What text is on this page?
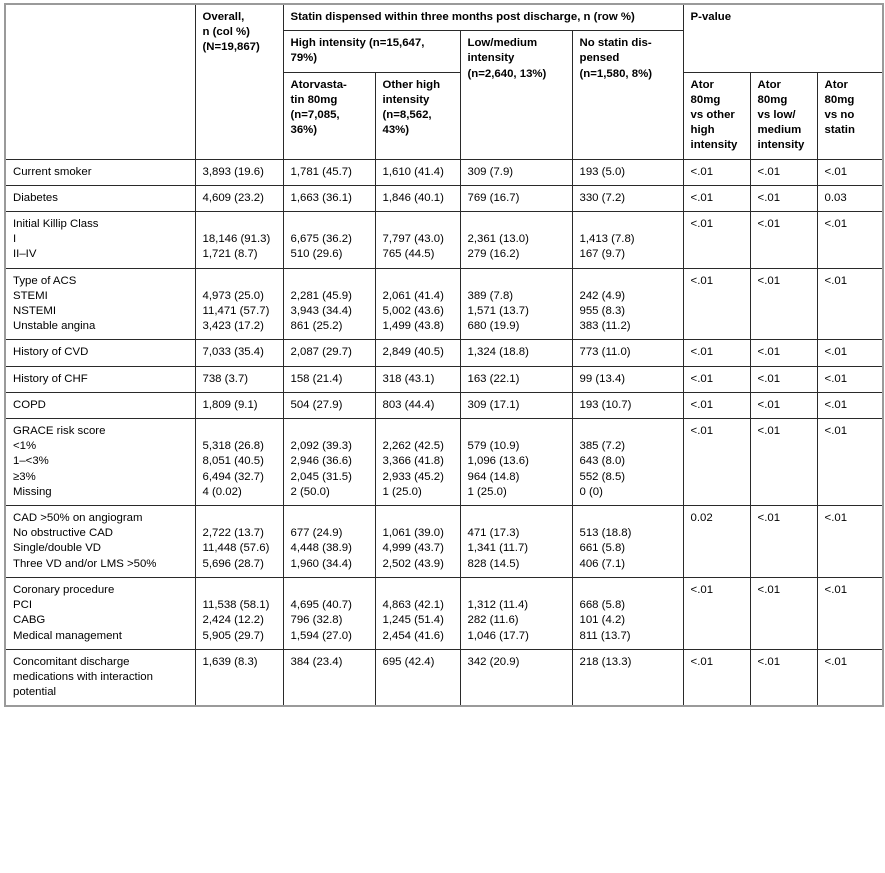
	Overall,
n (col %)
(N=19,867)	Statin dispensed within three months post discharge, n (row %)				P-value		
		High intensity (n=15,647, 79%)		Low/medium
intensity
(n=2,640, 13%)	No statin dis-
pensed
(n=1,580, 8%)			

		Atorvasta-
tin 80mg
(n=7,085,
36%)	Other high
intensity
(n=8,562,
43%)			Ator
80mg
vs other
high
intensity	Ator
80mg
vs low/
medium
intensity	Ator
80mg
vs no
statin

Current smoker	3,893 (19.6)	1,781 (45.7)	1,610 (41.4)	309 (7.9)	193 (5.0)	<.01	<.01	<.01

Diabetes	4,609 (23.2)	1,663 (36.1)	1,846 (40.1)	769 (16.7)	330 (7.2)	<.01	<.01	0.03

Initial Killip Class
I
II–IV	18,146 (91.3)
1,721 (8.7)	6,675 (36.2)
510 (29.6)	7,797 (43.0)
765 (44.5)	2,361 (13.0)
279 (16.2)	1,413 (7.8)
167 (9.7)	<.01	<.01	<.01

Type of ACS
STEMI
NSTEMI
Unstable angina	4,973 (25.0)
11,471 (57.7)
3,423 (17.2)	2,281 (45.9)
3,943 (34.4)
861 (25.2)	2,061 (41.4)
5,002 (43.6)
1,499 (43.8)	389 (7.8)
1,571 (13.7)
680 (19.9)	242 (4.9)
955 (8.3)
383 (11.2)	<.01	<.01	<.01

History of CVD	7,033 (35.4)	2,087 (29.7)	2,849 (40.5)	1,324 (18.8)	773 (11.0)	<.01	<.01	<.01

History of CHF	738 (3.7)	158 (21.4)	318 (43.1)	163 (22.1)	99 (13.4)	<.01	<.01	<.01

COPD	1,809 (9.1)	504 (27.9)	803 (44.4)	309 (17.1)	193 (10.7)	<.01	<.01	<.01

GRACE risk score
<1%
1–<3%
≥3%
Missing	5,318 (26.8)
8,051 (40.5)
6,494 (32.7)
4 (0.02)	2,092 (39.3)
2,946 (36.6)
2,045 (31.5)
2 (50.0)	2,262 (42.5)
3,366 (41.8)
2,933 (45.2)
1 (25.0)	579 (10.9)
1,096 (13.6)
964 (14.8)
1 (25.0)	385 (7.2)
643 (8.0)
552 (8.5)
0 (0)	<.01	<.01	<.01

CAD >50% on angiogram
No obstructive CAD
Single/double VD
Three VD and/or LMS >50%	2,722 (13.7)
11,448 (57.6)
5,696 (28.7)	677 (24.9)
4,448 (38.9)
1,960 (34.4)	1,061 (39.0)
4,999 (43.7)
2,502 (43.9)	471 (17.3)
1,341 (11.7)
828 (14.5)	513 (18.8)
661 (5.8)
406 (7.1)	0.02	<.01	<.01

Coronary procedure
PCI
CABG
Medical management	11,538 (58.1)
2,424 (12.2)
5,905 (29.7)	4,695 (40.7)
796 (32.8)
1,594 (27.0)	4,863 (42.1)
1,245 (51.4)
2,454 (41.6)	1,312 (11.4)
282 (11.6)
1,046 (17.7)	668 (5.8)
101 (4.2)
811 (13.7)	<.01	<.01	<.01

Concomitant discharge
medications with interaction
potential	1,639 (8.3)	384 (23.4)	695 (42.4)	342 (20.9)	218 (13.3)	<.01	<.01	<.01
